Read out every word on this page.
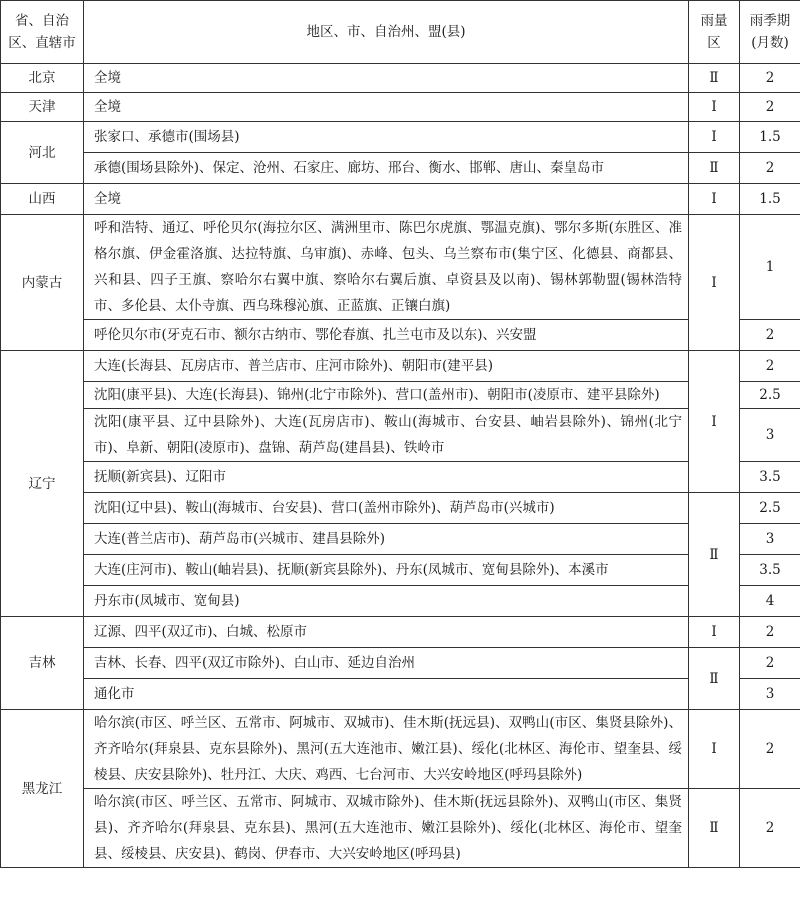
省、自治区、直辖市	地区、市、自治州、盟(县)	雨量区	雨季期(月数)
北京	全境	Ⅱ	2
天津	全境	Ⅰ	2
河北	张家口、承德市(围场县)	Ⅰ	1.5
	承德(围场县除外)、保定、沧州、石家庄、廊坊、邢台、衡水、邯郸、唐山、秦皇岛市	Ⅱ	2
山西	全境	Ⅰ	1.5
内蒙古	呼和浩特、通辽、呼伦贝尔(海拉尔区、满洲里市、陈巴尔虎旗、鄂温克旗)、鄂尔多斯(东胜区、准格尔旗、伊金霍洛旗、达拉特旗、乌审旗)、赤峰、包头、乌兰察布市(集宁区、化德县、商都县、兴和县、四子王旗、察哈尔右翼中旗、察哈尔右翼后旗、卓资县及以南)、锡林郭勒盟(锡林浩特市、多伦县、太仆寺旗、西乌珠穆沁旗、正蓝旗、正镶白旗)	Ⅰ	1
	呼伦贝尔市(牙克石市、额尔古纳市、鄂伦春旗、扎兰屯市及以东)、兴安盟		2
辽宁	大连(长海县、瓦房店市、普兰店市、庄河市除外)、朝阳市(建平县)	Ⅰ	2
	沈阳(康平县)、大连(长海县)、锦州(北宁市除外)、营口(盖州市)、朝阳市(凌原市、建平县除外)		2.5
	沈阳(康平县、辽中县除外)、大连(瓦房店市)、鞍山(海城市、台安县、岫岩县除外)、锦州(北宁市)、阜新、朝阳(凌原市)、盘锦、葫芦岛(建昌县)、铁岭市		3
	抚顺(新宾县)、辽阳市		3.5
	沈阳(辽中县)、鞍山(海城市、台安县)、营口(盖州市除外)、葫芦岛市(兴城市)	Ⅱ	2.5
	大连(普兰店市)、葫芦岛市(兴城市、建昌县除外)		3
	大连(庄河市)、鞍山(岫岩县)、抚顺(新宾县除外)、丹东(凤城市、宽甸县除外)、本溪市		3.5
	丹东市(凤城市、宽甸县)		4
吉林	辽源、四平(双辽市)、白城、松原市	Ⅰ	2
	吉林、长春、四平(双辽市除外)、白山市、延边自治州	Ⅱ	2
	通化市		3
黑龙江	哈尔滨(市区、呼兰区、五常市、阿城市、双城市)、佳木斯(抚远县)、双鸭山(市区、集贤县除外)、齐齐哈尔(拜泉县、克东县除外)、黑河(五大连池市、嫩江县)、绥化(北林区、海伦市、望奎县、绥棱县、庆安县除外)、牡丹江、大庆、鸡西、七台河市、大兴安岭地区(呼玛县除外)	Ⅰ	2
	哈尔滨(市区、呼兰区、五常市、阿城市、双城市除外)、佳木斯(抚远县除外)、双鸭山(市区、集贤县)、齐齐哈尔(拜泉县、克东县)、黑河(五大连池市、嫩江县除外)、绥化(北林区、海伦市、望奎县、绥棱县、庆安县)、鹤岗、伊春市、大兴安岭地区(呼玛县)	Ⅱ	2
